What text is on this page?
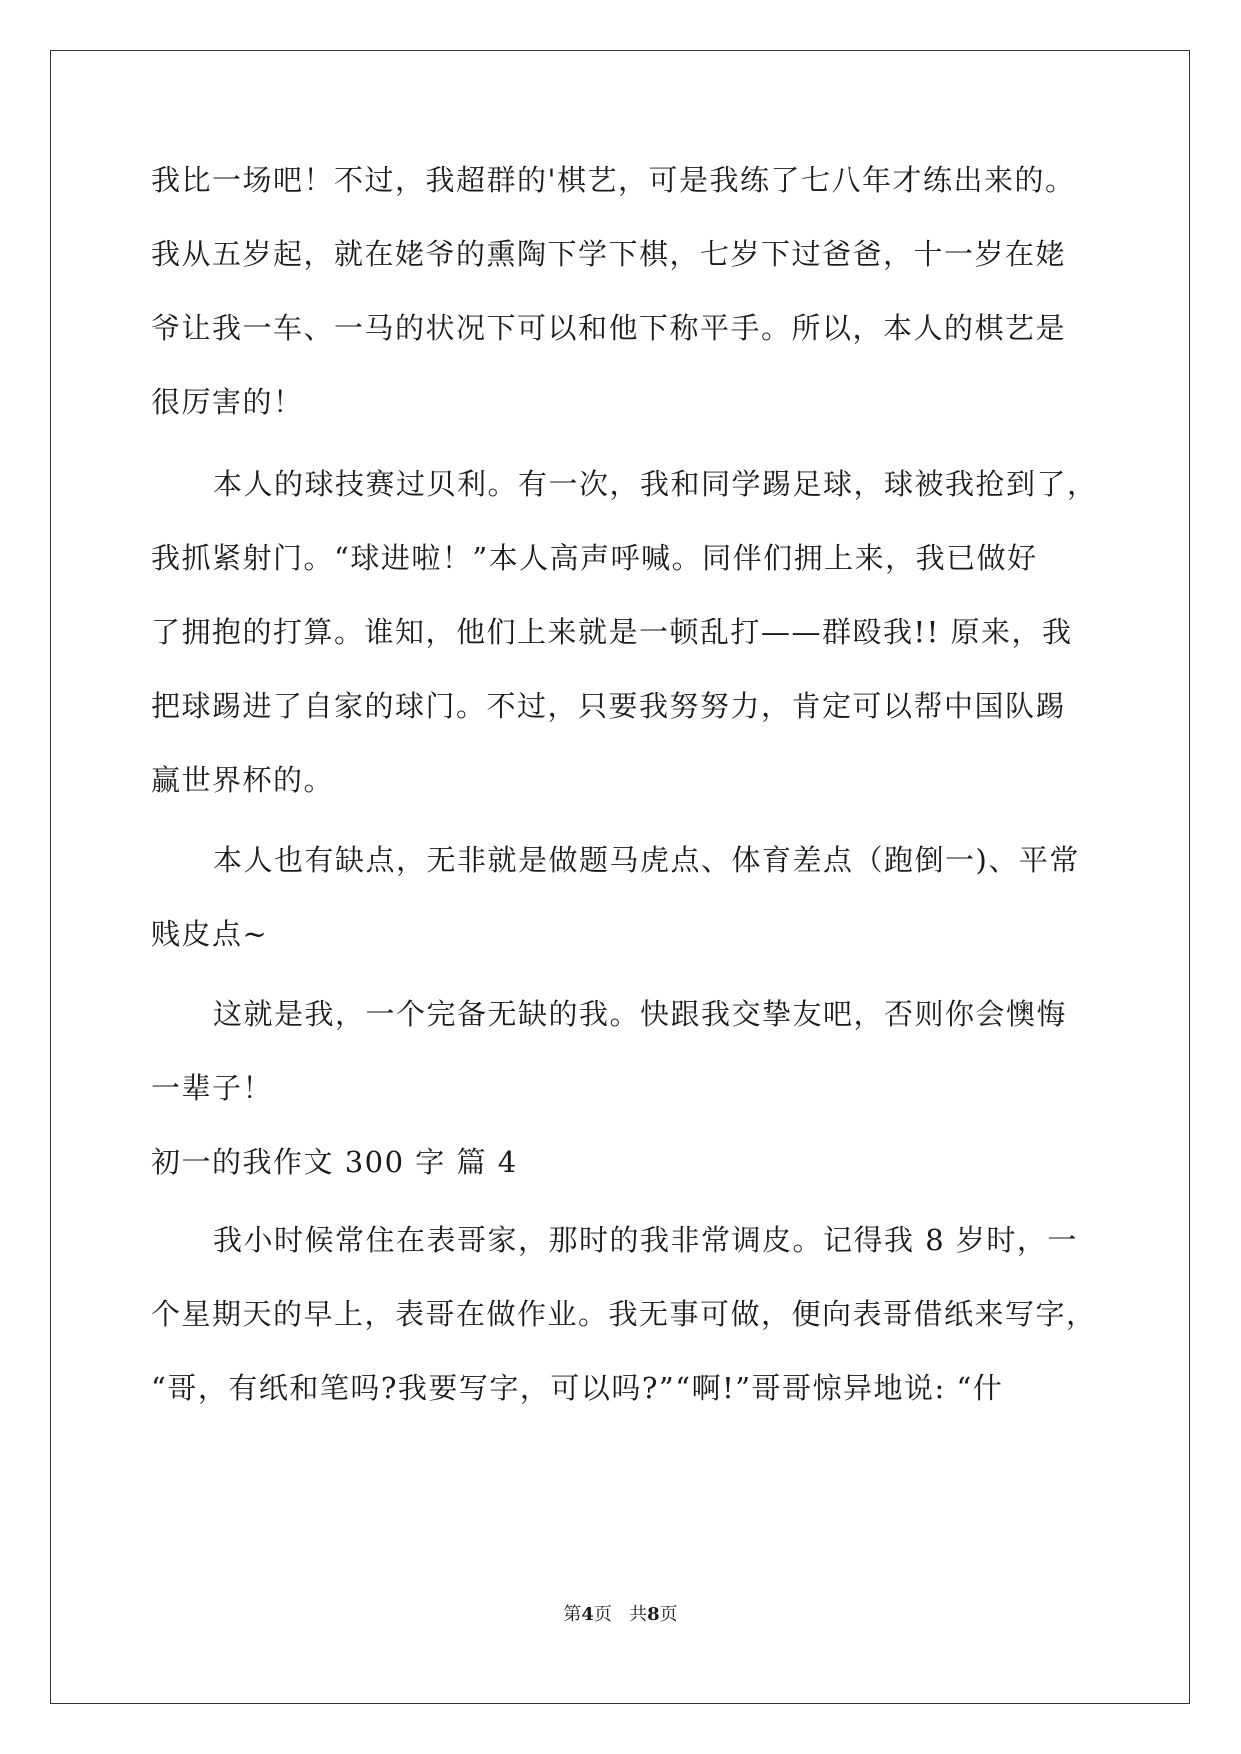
我比一场吧！不过，我超群的'棋艺，可是我练了七八年才练出来的。
我从五岁起，就在姥爷的熏陶下学下棋，七岁下过爸爸，十一岁在姥
爷让我一车、一马的状况下可以和他下称平手。所以，本人的棋艺是
很厉害的！
本人的球技赛过贝利。有一次，我和同学踢足球，球被我抢到了，
我抓紧射门。“球进啦！”本人高声呼喊。同伴们拥上来，我已做好
了拥抱的打算。谁知，他们上来就是一顿乱打——群殴我!! 原来，我
把球踢进了自家的球门。不过，只要我努努力，肯定可以帮中国队踢
赢世界杯的。
本人也有缺点，无非就是做题马虎点、体育差点（跑倒一)、平常
贱皮点~
这就是我，一个完备无缺的我。快跟我交挚友吧，否则你会懊悔
一辈子！
初一的我作文 300 字 篇 4
我小时候常住在表哥家，那时的我非常调皮。记得我 8 岁时，一
个星期天的早上，表哥在做作业。我无事可做，便向表哥借纸来写字，
“哥，有纸和笔吗?我要写字，可以吗?”“啊!”哥哥惊异地说: “什
第4页   共8页
